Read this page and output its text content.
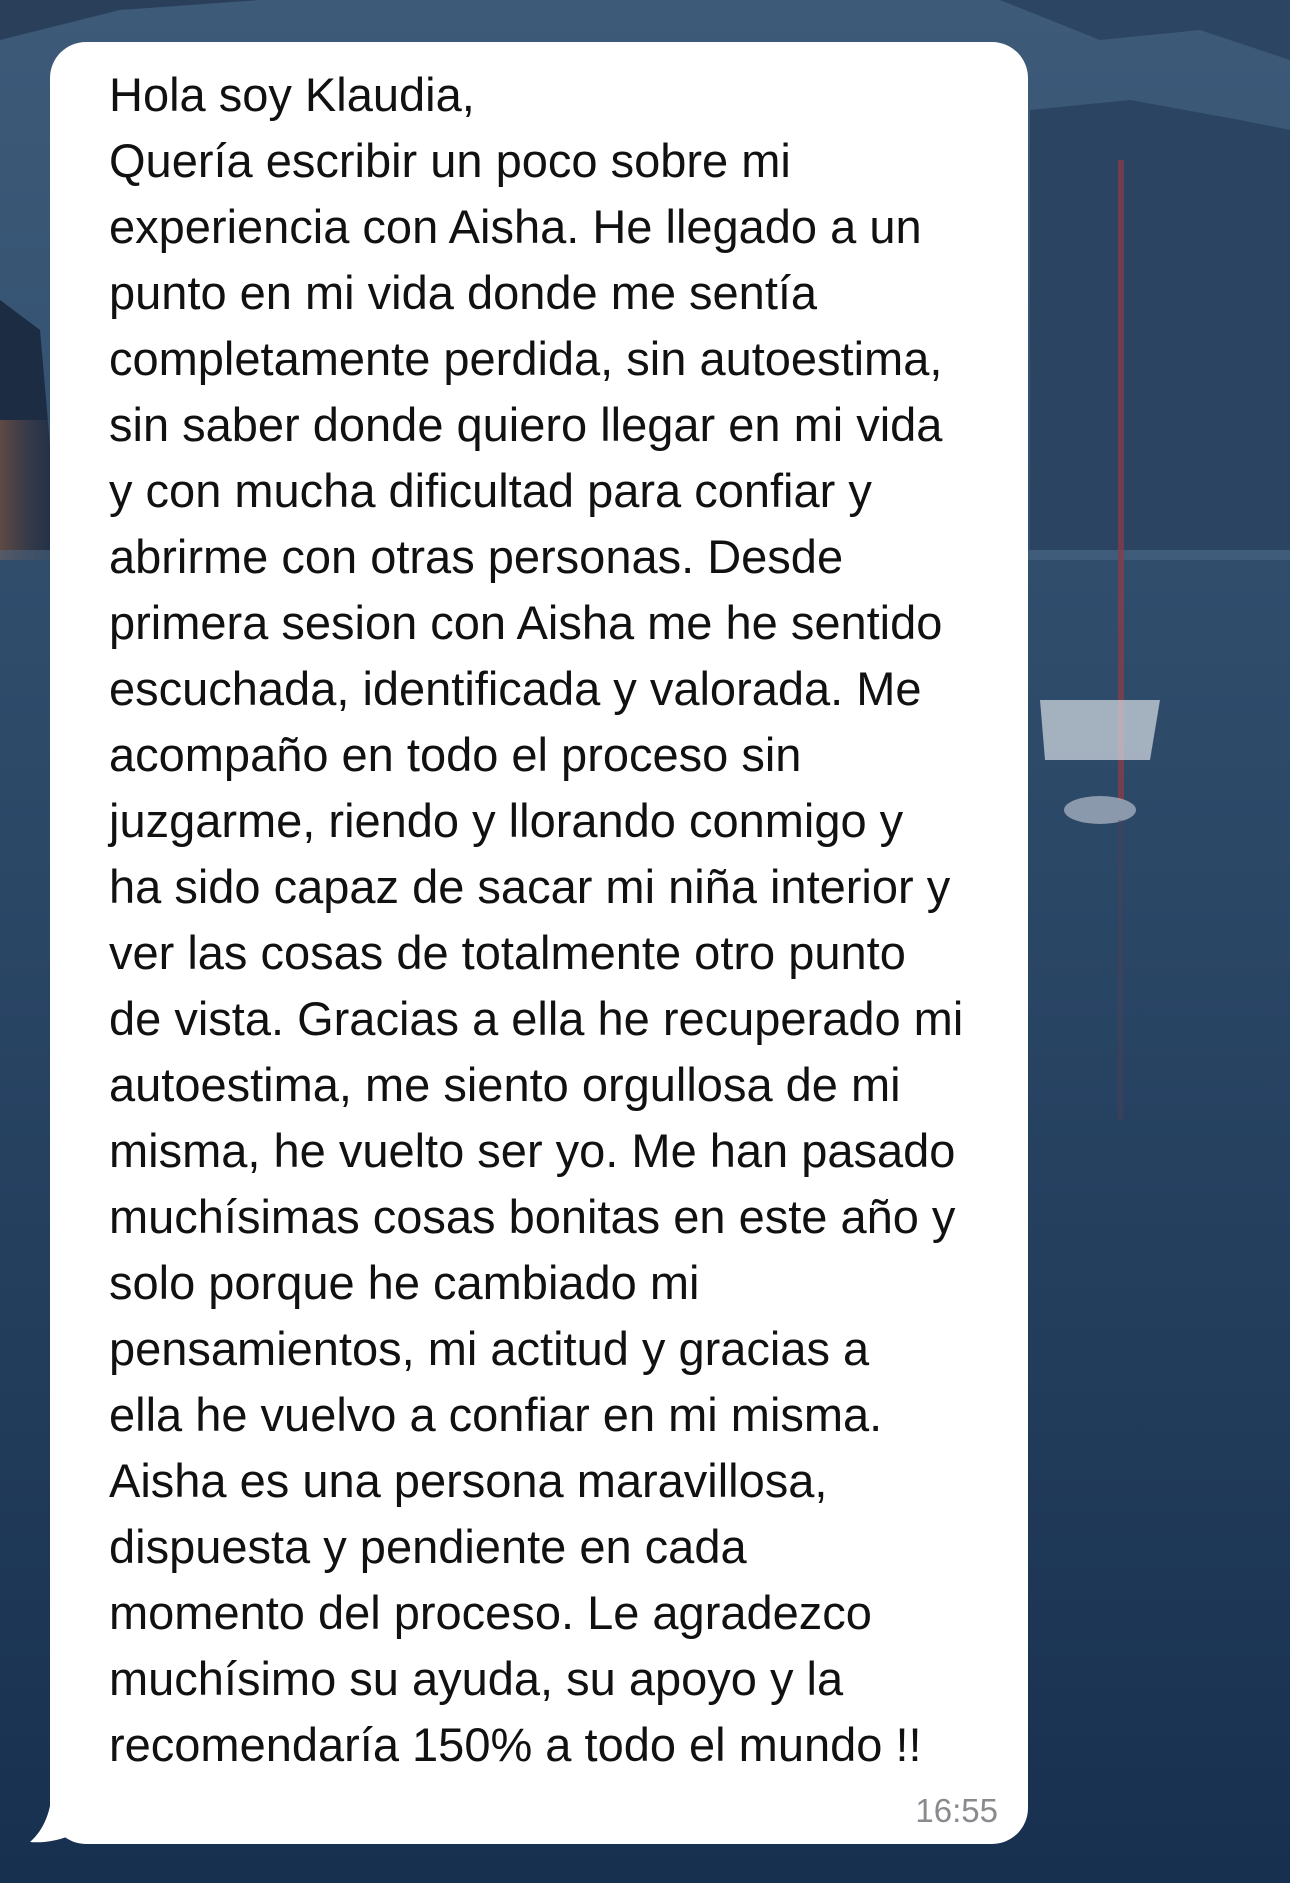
Hola soy Klaudia,
Quería escribir un poco sobre mi
experiencia con Aisha. He llegado a un
punto en mi vida donde me sentía
completamente perdida, sin autoestima,
sin saber donde quiero llegar en mi vida
y con mucha dificultad para confiar y
abrirme con otras personas. Desde
primera sesion con Aisha me he sentido
escuchada, identificada y valorada. Me
acompaño en todo el proceso sin
juzgarme, riendo y llorando conmigo y
ha sido capaz de sacar mi niña interior y
ver las cosas de totalmente otro punto
de vista. Gracias a ella he recuperado mi
autoestima, me siento orgullosa de mi
misma, he vuelto ser yo. Me han pasado
muchísimas cosas bonitas en este año y
solo porque he cambiado mi
pensamientos, mi actitud y gracias a
ella he vuelvo a confiar en mi misma.
Aisha es una persona maravillosa,
dispuesta y pendiente en cada
momento del proceso. Le agradezco
muchísimo su ayuda, su apoyo y la
recomendaría 150% a todo el mundo !!

16:55
